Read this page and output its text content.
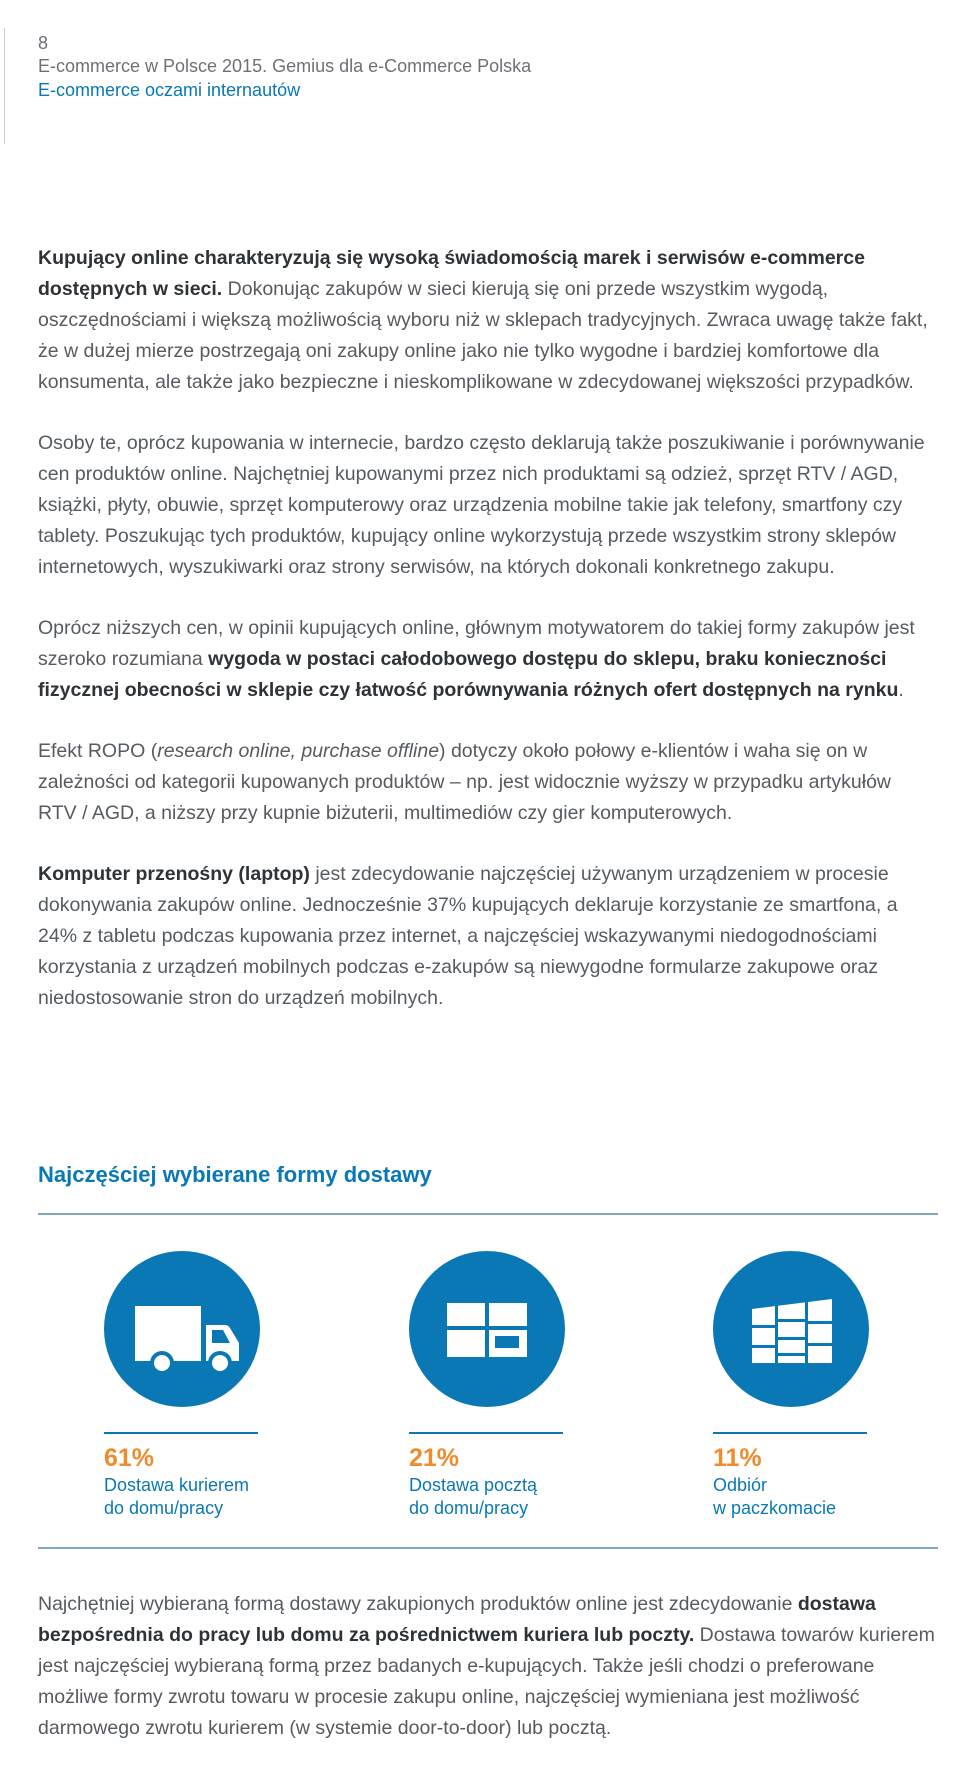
8
E-commerce w Polsce 2015. Gemius dla e-Commerce Polska
E-commerce oczami internautów

Kupujący online charakteryzują się wysoką świadomością marek i serwisów e-commerce dostępnych w sieci. Dokonując zakupów w sieci kierują się oni przede wszystkim wygodą, oszczędnościami i większą możliwością wyboru niż w sklepach tradycyjnych. Zwraca uwagę także fakt, że w dużej mierze postrzegają oni zakupy online jako nie tylko wygodne i bardziej komfortowe dla konsumenta, ale także jako bezpieczne i nieskomplikowane w zdecydowanej większości przypadków.

Osoby te, oprócz kupowania w internecie, bardzo często deklarują także poszukiwanie i porównywanie cen produktów online. Najchętniej kupowanymi przez nich produktami są odzież, sprzęt RTV / AGD, książki, płyty, obuwie, sprzęt komputerowy oraz urządzenia mobilne takie jak telefony, smartfony czy tablety. Poszukując tych produktów, kupujący online wykorzystują przede wszystkim strony sklepów internetowych, wyszukiwarki oraz strony serwisów, na których dokonali konkretnego zakupu.

Oprócz niższych cen, w opinii kupujących online, głównym motywatorem do takiej formy zakupów jest szeroko rozumiana wygoda w postaci całodobowego dostępu do sklepu, braku konieczności fizycznej obecności w sklepie czy łatwość porównywania różnych ofert dostępnych na rynku.

Efekt ROPO (research online, purchase offline) dotyczy około połowy e-klientów i waha się on w zależności od kategorii kupowanych produktów – np. jest widocznie wyższy w przypadku artykułów RTV / AGD, a niższy przy kupnie biżuterii, multimediów czy gier komputerowych.

Komputer przenośny (laptop) jest zdecydowanie najczęściej używanym urządzeniem w procesie dokonywania zakupów online. Jednocześnie 37% kupujących deklaruje korzystanie ze smartfona, a 24% z tabletu podczas kupowania przez internet, a najczęściej wskazywanymi niedogodnościami korzystania z urządzeń mobilnych podczas e-zakupów są niewygodne formularze zakupowe oraz niedostosowanie stron do urządzeń mobilnych.

Najczęściej wybierane formy dostawy
61%
Dostawa kurierem
do domu/pracy
21%
Dostawa pocztą
do domu/pracy
11%
Odbiór
w paczkomacie

Najchętniej wybieraną formą dostawy zakupionych produktów online jest zdecydowanie dostawa bezpośrednia do pracy lub domu za pośrednictwem kuriera lub poczty. Dostawa towarów kurierem jest najczęściej wybieraną formą przez badanych e-kupujących. Także jeśli chodzi o preferowane możliwe formy zwrotu towaru w procesie zakupu online, najczęściej wymieniana jest możliwość darmowego zwrotu kurierem (w systemie door-to-door) lub pocztą.
